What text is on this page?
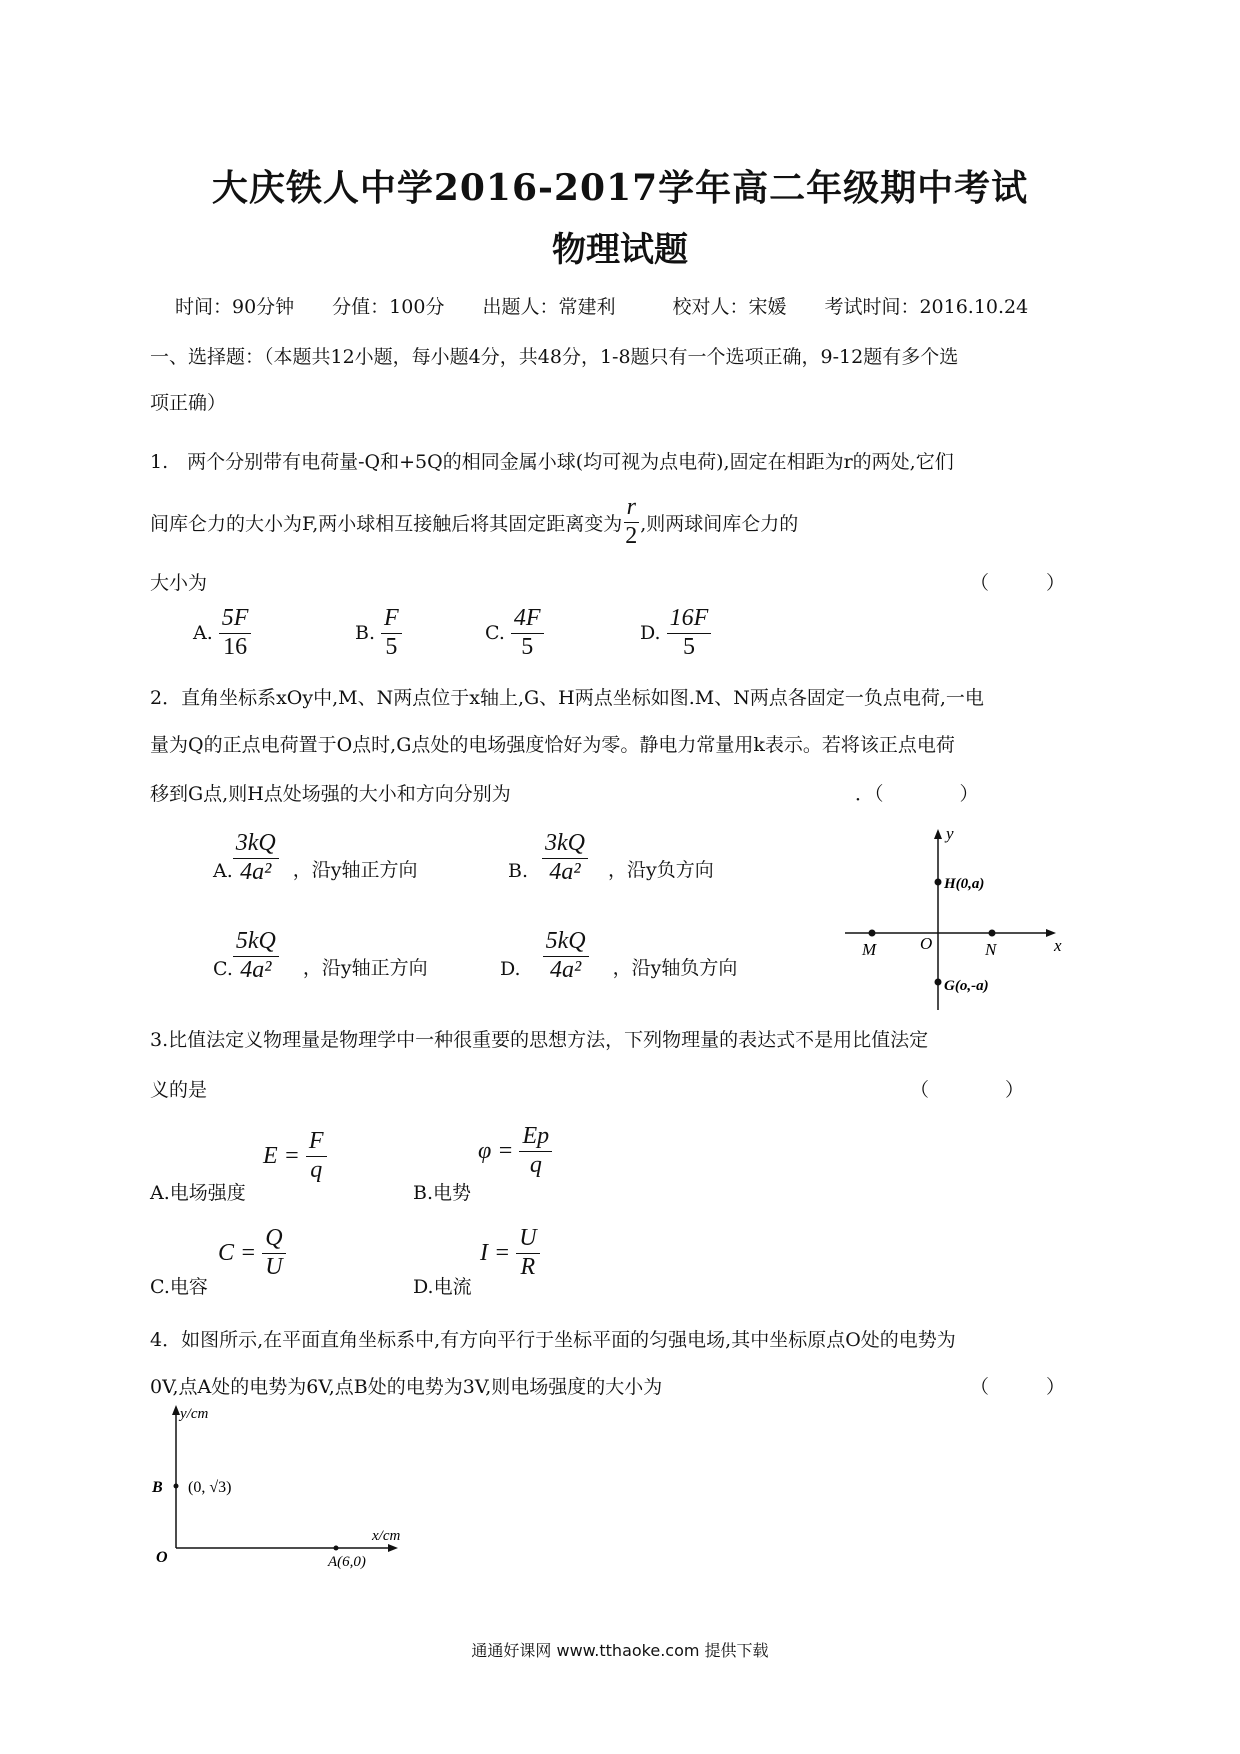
大庆铁人中学2016-2017学年高二年级期中考试
物理试题
时间：90分钟　　分值：100分　　出题人：常建利　　　校对人：宋媛　　考试时间：2016.10.24
一、选择题：（本题共12小题，每小题4分，共48分，1-8题只有一个选项正确，9-12题有多个选
项正确）
1.　两个分别带有电荷量-Q和+5Q的相同金属小球(均可视为点电荷),固定在相距为r的两处,它们
间库仑力的大小为F,两小球相互接触后将其固定距离变为 $\frac{r}{2}$ ,则两球间库仑力的
大小为	（　　　）
A. $\frac{5F}{16}$	B. $\frac{F}{5}$	C. $\frac{4F}{5}$	D. $\frac{16F}{5}$
2．直角坐标系xOy中,M、N两点位于x轴上,G、H两点坐标如图.M、N两点各固定一负点电荷,一电
量为Q的正点电荷置于O点时,G点处的电场强度恰好为零。静电力常量用k表示。若将该正点电荷
移到G点,则H点处场强的大小和方向分别为	．（　　　　）
A. $\frac{3kQ}{\text{4a²}}$ ，沿y轴正方向	B. $\frac{3kQ}{\text{4a²}}$ ，沿y负方向
C. $\frac{5kQ}{\text{4a²}}$ ，沿y轴正方向	D. $\frac{5kQ}{\text{4a²}}$ ，沿y轴负方向
y
x
H(0,a)
G(o,-a)
M	O	N
3.比值法定义物理量是物理学中一种很重要的思想方法，下列物理量的表达式不是用比值法定
义的是	（　　　　）
A.电场强度
$E = \frac{F}{q}$
B.电势
$\varphi = \frac{Ep}{q}$
C.电容
$C = \frac{Q}{U}$
D.电流
$I = \frac{U}{R}$
4．如图所示,在平面直角坐标系中,有方向平行于坐标平面的匀强电场,其中坐标原点O处的电势为
0V,点A处的电势为6V,点B处的电势为3V,则电场强度的大小为	（　　　）
y/cm
x/cm
B (0, √3)
O	A(6,0)
通通好课网 www.tthaoke.com 提供下载
